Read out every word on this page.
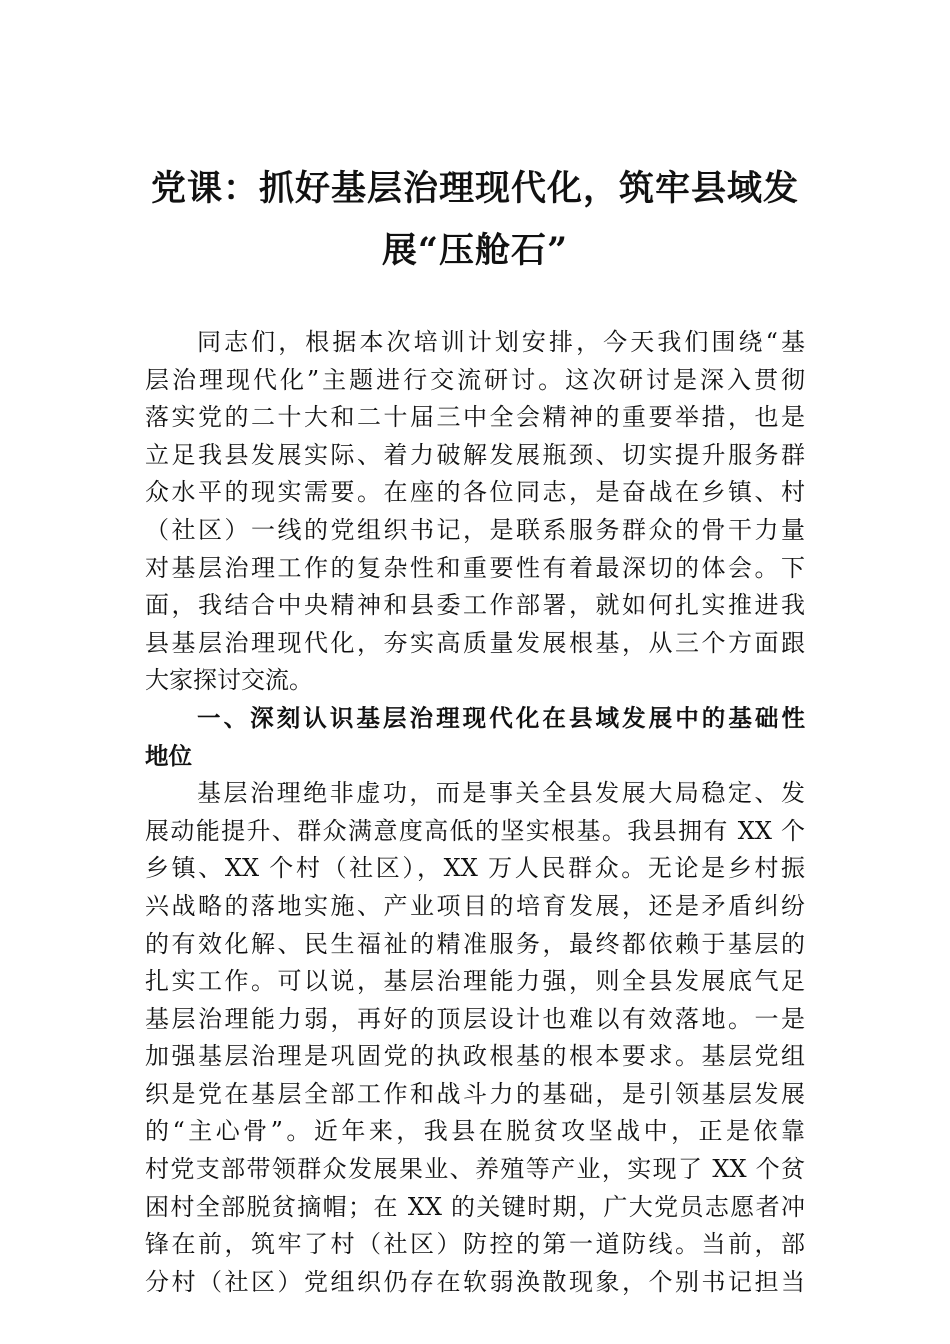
党课：抓好基层治理现代化，筑牢县域发
展“压舱石”
同志们，根据本次培训计划安排，今天我们围绕“基
层治理现代化”主题进行交流研讨。这次研讨是深入贯彻
落实党的二十大和二十届三中全会精神的重要举措，也是
立足我县发展实际、着力破解发展瓶颈、切实提升服务群
众水平的现实需要。在座的各位同志，是奋战在乡镇、村
（社区）一线的党组织书记，是联系服务群众的骨干力量
对基层治理工作的复杂性和重要性有着最深切的体会。下
面，我结合中央精神和县委工作部署，就如何扎实推进我
县基层治理现代化，夯实高质量发展根基，从三个方面跟
大家探讨交流。
一、深刻认识基层治理现代化在县域发展中的基础性
地位
基层治理绝非虚功，而是事关全县发展大局稳定、发
展动能提升、群众满意度高低的坚实根基。我县拥有 XX 个
乡镇、XX 个村（社区），XX 万人民群众。无论是乡村振
兴战略的落地实施、产业项目的培育发展，还是矛盾纠纷
的有效化解、民生福祉的精准服务，最终都依赖于基层的
扎实工作。可以说，基层治理能力强，则全县发展底气足
基层治理能力弱，再好的顶层设计也难以有效落地。一是
加强基层治理是巩固党的执政根基的根本要求。基层党组
织是党在基层全部工作和战斗力的基础，是引领基层发展
的“主心骨”。近年来，我县在脱贫攻坚战中，正是依靠
村党支部带领群众发展果业、养殖等产业，实现了 XX 个贫
困村全部脱贫摘帽；在 XX 的关键时期，广大党员志愿者冲
锋在前，筑牢了村（社区）防控的第一道防线。当前，部
分村（社区）党组织仍存在软弱涣散现象，个别书记担当
